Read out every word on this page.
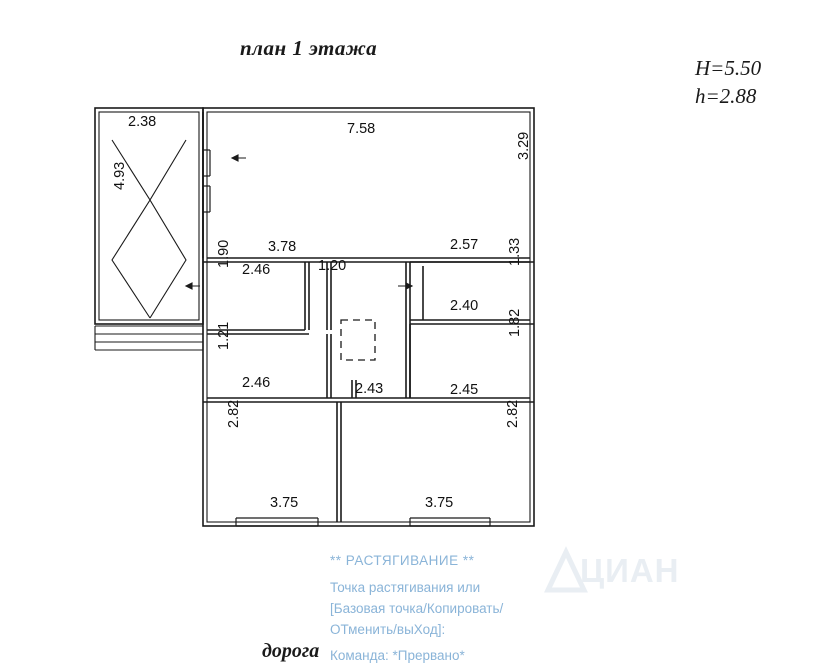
план 1 этажа
H=5.50
h=2.88
2.38
4.93
7.58
3.29
3.78
2.46	1.20
1.90
1.21
2.46
2.57
2.40
1.33
1.82
2.45
2.43
2.82
3.75
2.82
3.75
ЦИАН
** РАСТЯГИВАНИЕ **
Точка растягивания или
[Базовая точка/Копировать/
ОТменить/выХод]:
Команда: *Прервано*
дорога
